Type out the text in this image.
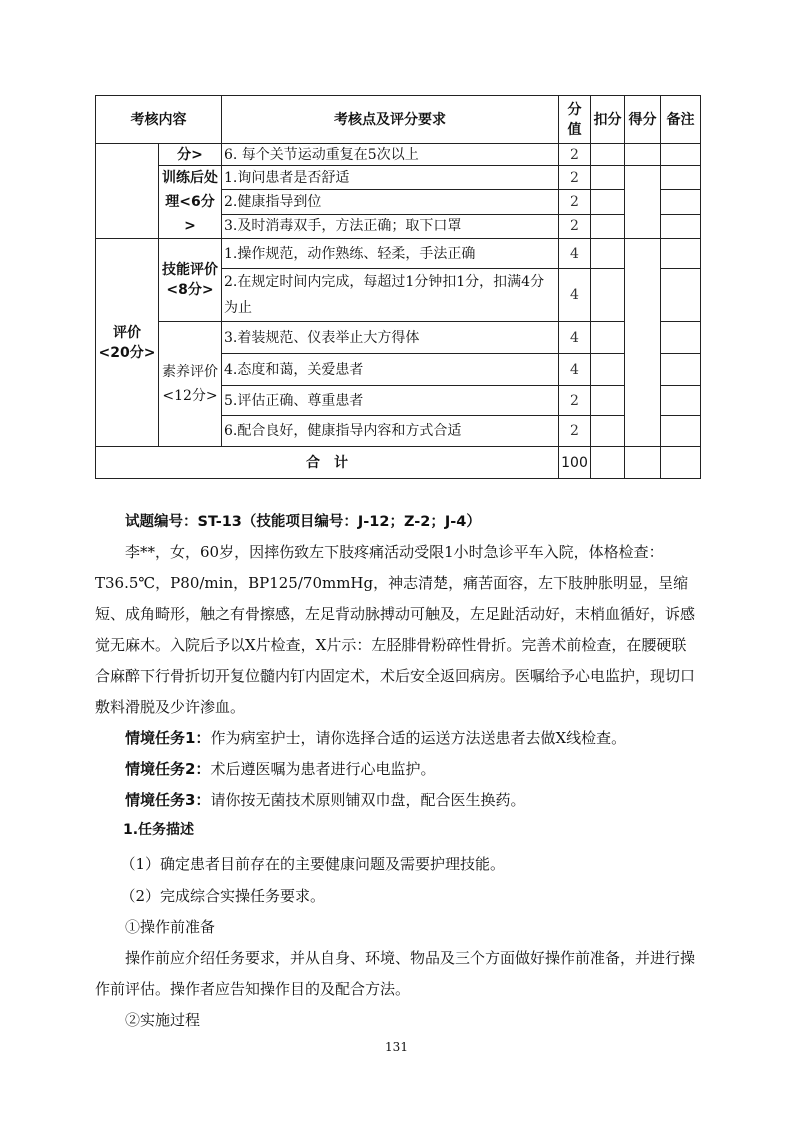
考核内容		考核点及评分要求	分值	扣分	得分	备注
	分>	6. 每个关节运动重复在5次以上	2			
	训练后处理<6分>	1.询问患者是否舒适	2			
		2.健康指导到位	2			
		3.及时消毒双手，方法正确；取下口罩	2			
评价<20分>	技能评价<8分>	1.操作规范，动作熟练、轻柔，手法正确	4			
		2.在规定时间内完成，每超过1分钟扣1分，扣满4分为止	4			
	素养评价<12分>	3.着装规范、仪表举止大方得体	4			
		4.态度和蔼，关爱患者	4			
		5.评估正确、尊重患者	2			
		6.配合良好，健康指导内容和方式合适	2			
合　计			100			
试题编号：ST-13（技能项目编号：J-12；Z-2；J-4）

李**，女，60岁，因摔伤致左下肢疼痛活动受限1小时急诊平车入院，体格检查：T36.5℃，P80/min，BP125/70mmHg，神志清楚，痛苦面容，左下肢肿胀明显，呈缩短、成角畸形，触之有骨擦感，左足背动脉搏动可触及，左足趾活动好，末梢血循好，诉感觉无麻木。入院后予以X片检查，X片示：左胫腓骨粉碎性骨折。完善术前检查，在腰硬联合麻醉下行骨折切开复位髓内钉内固定术，术后安全返回病房。医嘱给予心电监护，现切口敷料滑脱及少许渗血。

情境任务1：作为病室护士，请你选择合适的运送方法送患者去做X线检查。

情境任务2：术后遵医嘱为患者进行心电监护。

情境任务3：请你按无菌技术原则铺双巾盘，配合医生换药。

1.任务描述

（1）确定患者目前存在的主要健康问题及需要护理技能。

（2）完成综合实操任务要求。

①操作前准备

操作前应介绍任务要求，并从自身、环境、物品及三个方面做好操作前准备，并进行操作前评估。操作者应告知操作目的及配合方法。

②实施过程

131
